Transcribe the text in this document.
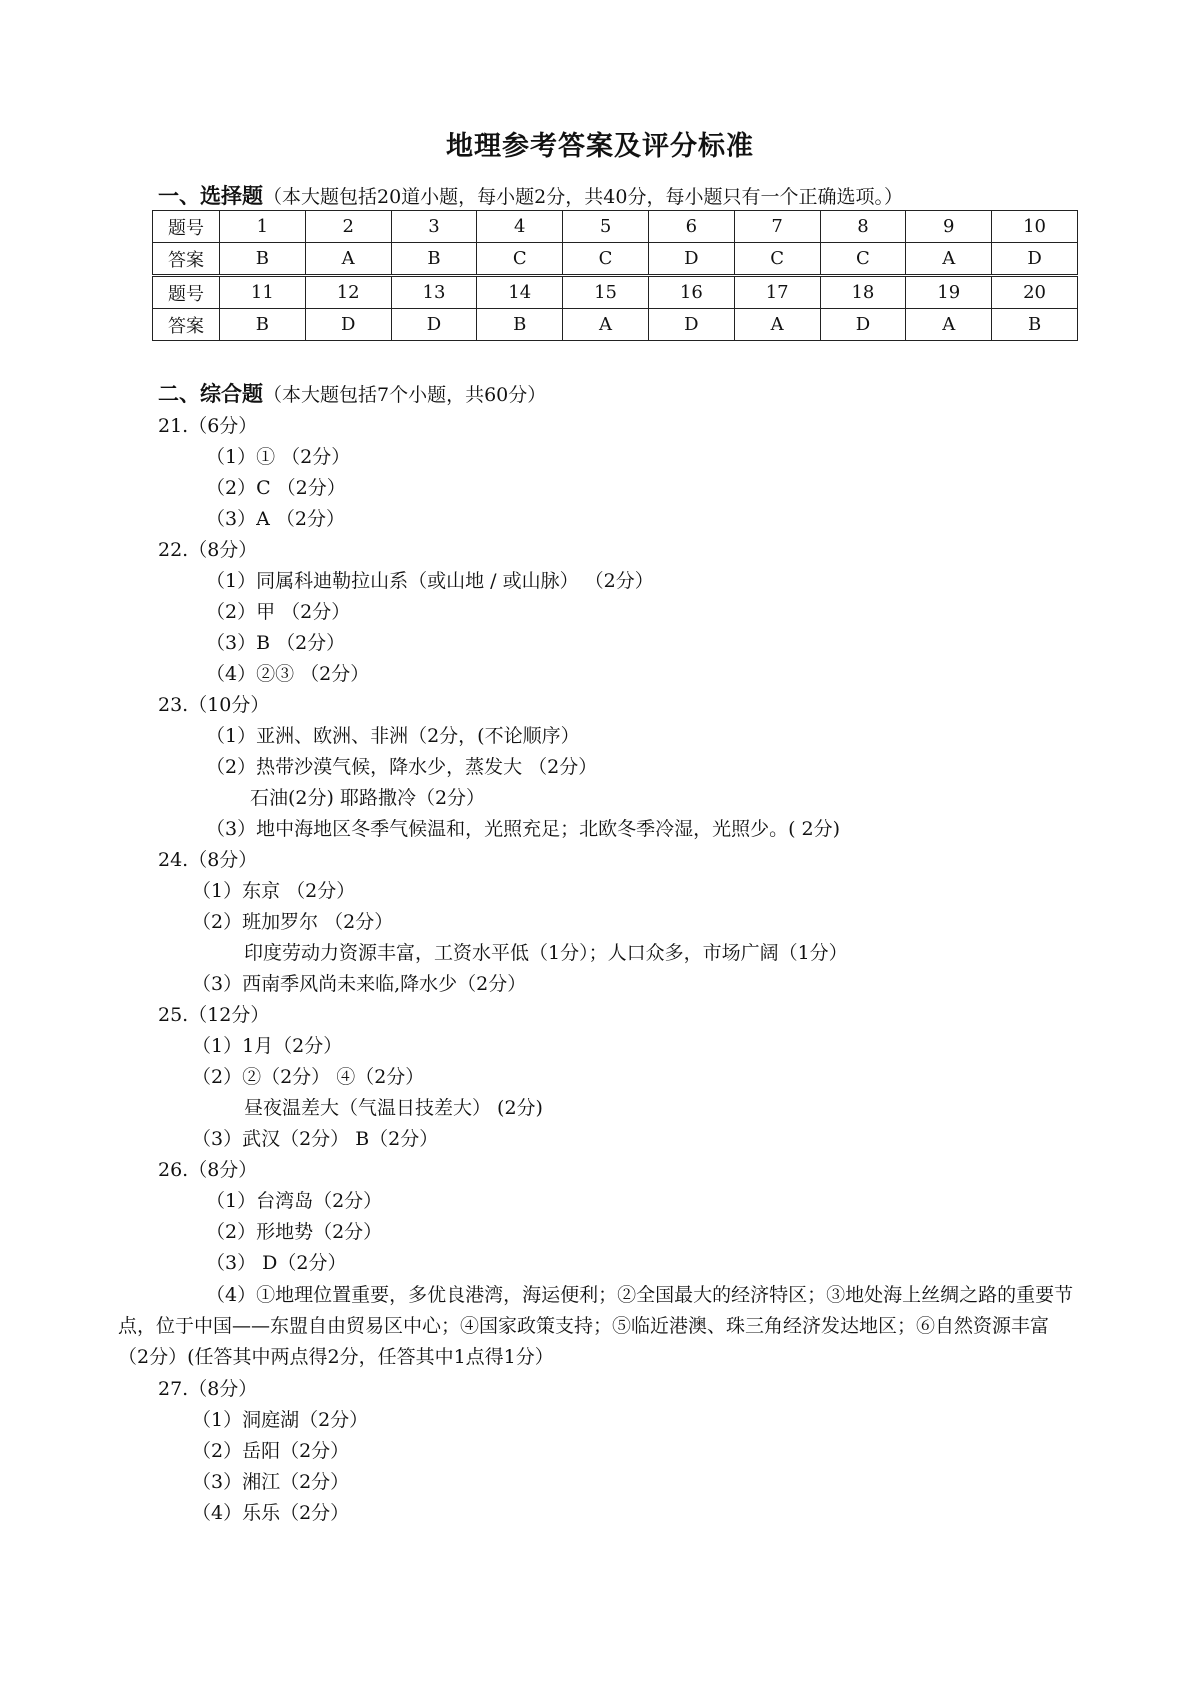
地理参考答案及评分标准
一、选择题（本大题包括20道小题，每小题2分，共40分，每小题只有一个正确选项。）
题号	1	2	3	4	5	6	7	8	9	10
答案	B	A	B	C	C	D	C	C	A	D
题号	11	12	13	14	15	16	17	18	19	20
答案	B	D	D	B	A	D	A	D	A	B
二、综合题（本大题包括7个小题，共60分）
21.（6分）
（1）① （2分）
（2）C （2分）
（3）A （2分）
22.（8分）
（1）同属科迪勒拉山系（或山地 / 或山脉） （2分）
（2）甲 （2分）
（3）B （2分）
（4）②③ （2分）
23.（10分）
（1）亚洲、欧洲、非洲（2分，(不论顺序）
（2）热带沙漠气候，降水少，蒸发大 （2分）
石油(2分) 耶路撒冷（2分）
（3）地中海地区冬季气候温和，光照充足；北欧冬季冷湿，光照少。( 2分)
24.（8分）
（1）东京 （2分）
（2）班加罗尔 （2分）
印度劳动力资源丰富，工资水平低（1分）；人口众多，市场广阔（1分）
（3）西南季风尚未来临,降水少（2分）
25.（12分）
（1）1月（2分）
（2）②（2分） ④（2分）
昼夜温差大（气温日技差大） (2分)
（3）武汉（2分） B（2分）
26.（8分）
（1）台湾岛（2分）
（2）形地势（2分）
（3） D（2分）
（4）①地理位置重要，多优良港湾，海运便利；②全国最大的经济特区；③地处海上丝绸之路的重要节点，位于中国——东盟自由贸易区中心；④国家政策支持；⑤临近港澳、珠三角经济发达地区；⑥自然资源丰富（2分）(任答其中两点得2分，任答其中1点得1分）
27.（8分）
（1）洞庭湖（2分）
（2）岳阳（2分）
（3）湘江（2分）
（4）乐乐（2分）
